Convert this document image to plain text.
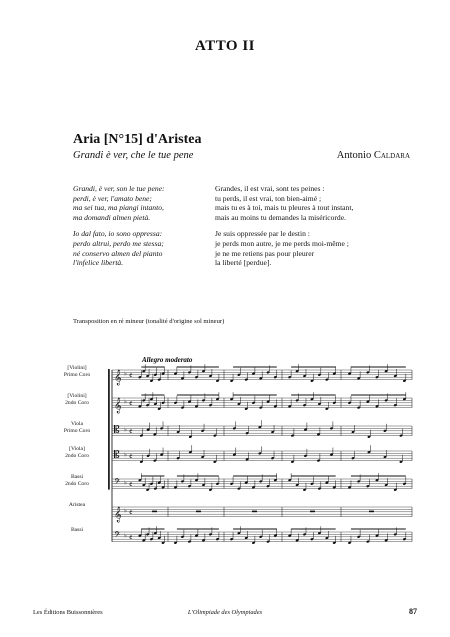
ATTO II
Aria [N°15] d'Aristea
Grandi è ver, che le tue pene	Antonio Caldara
Grandi, è ver, son le tue pene:
perdi, è ver, l'amato bene;
ma sei tua, ma piangi intanto,
ma domandi almen pietà.
Io dal fato, io sono oppressa:
perdo altrui, perdo me stessa;
né conservo almen del pianto
l'infelice libertà.
Grandes, il est vrai, sont tes peines :
tu perds, il est vrai, ton bien-aimé ;
mais tu es à toi, mais tu pleures à tout instant,
mais au moins tu demandes la miséricorde.
Je suis oppressée par le destin :
je perds mon autre, je me perds moi-même ;
je ne me retiens pas pour pleurer
la liberté [perdue].
Transposition en ré mineur (tonalité d'origine sol mineur)
[Violini]
Primo Coro
[Violini]
2ndo Coro
Viola
Primo Coro
[Viola]
2ndo Coro
Bassi
2ndo Coro
Aristea
Bassi
Allegro moderato
𝄞 ♭ 𝄴
𝄞 ♭ 𝄴
𝄡 ♭ 𝄴
𝄡 ♭ 𝄴
𝄢 ♭ 𝄴
𝄞 ♭ 𝄴
𝄢 ♭ 𝄴
Les Éditions Buissonnières	L'Olimpiade des Olympiades	87
